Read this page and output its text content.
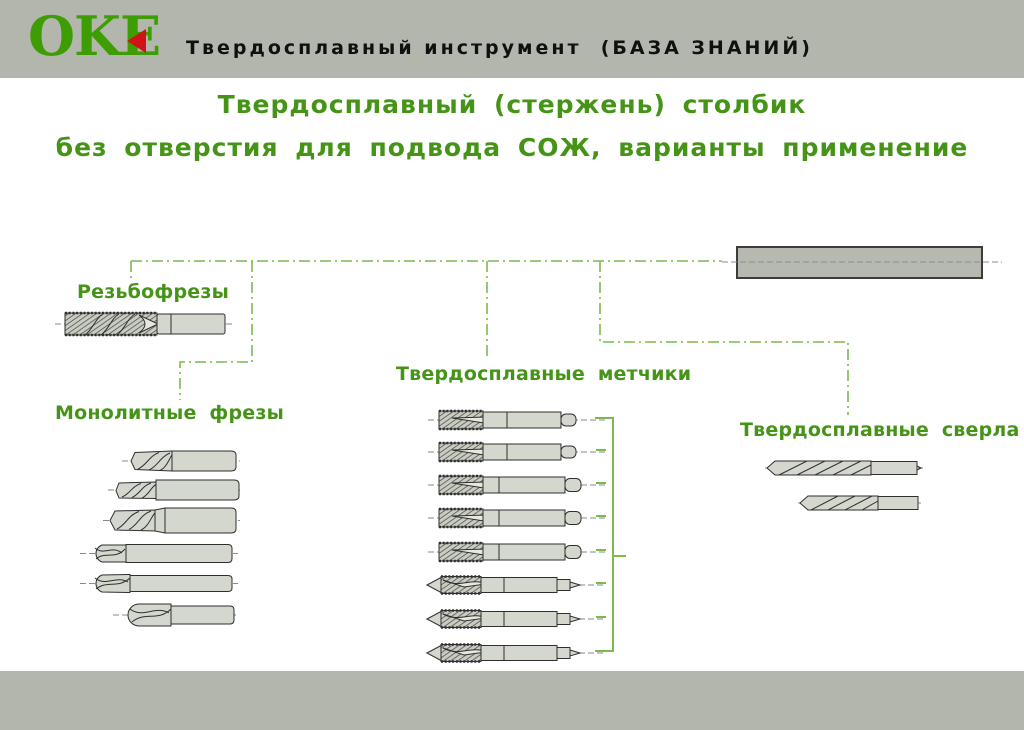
OKE Твердосплавный инструмент  (БАЗА ЗНАНИЙ)
Твердосплавный (стержень) столбик
без отверстия для подвода СОЖ, варианты применение
Резьбофрезы
Монолитные фрезы
Твердосплавные метчики
Твердосплавные сверла
